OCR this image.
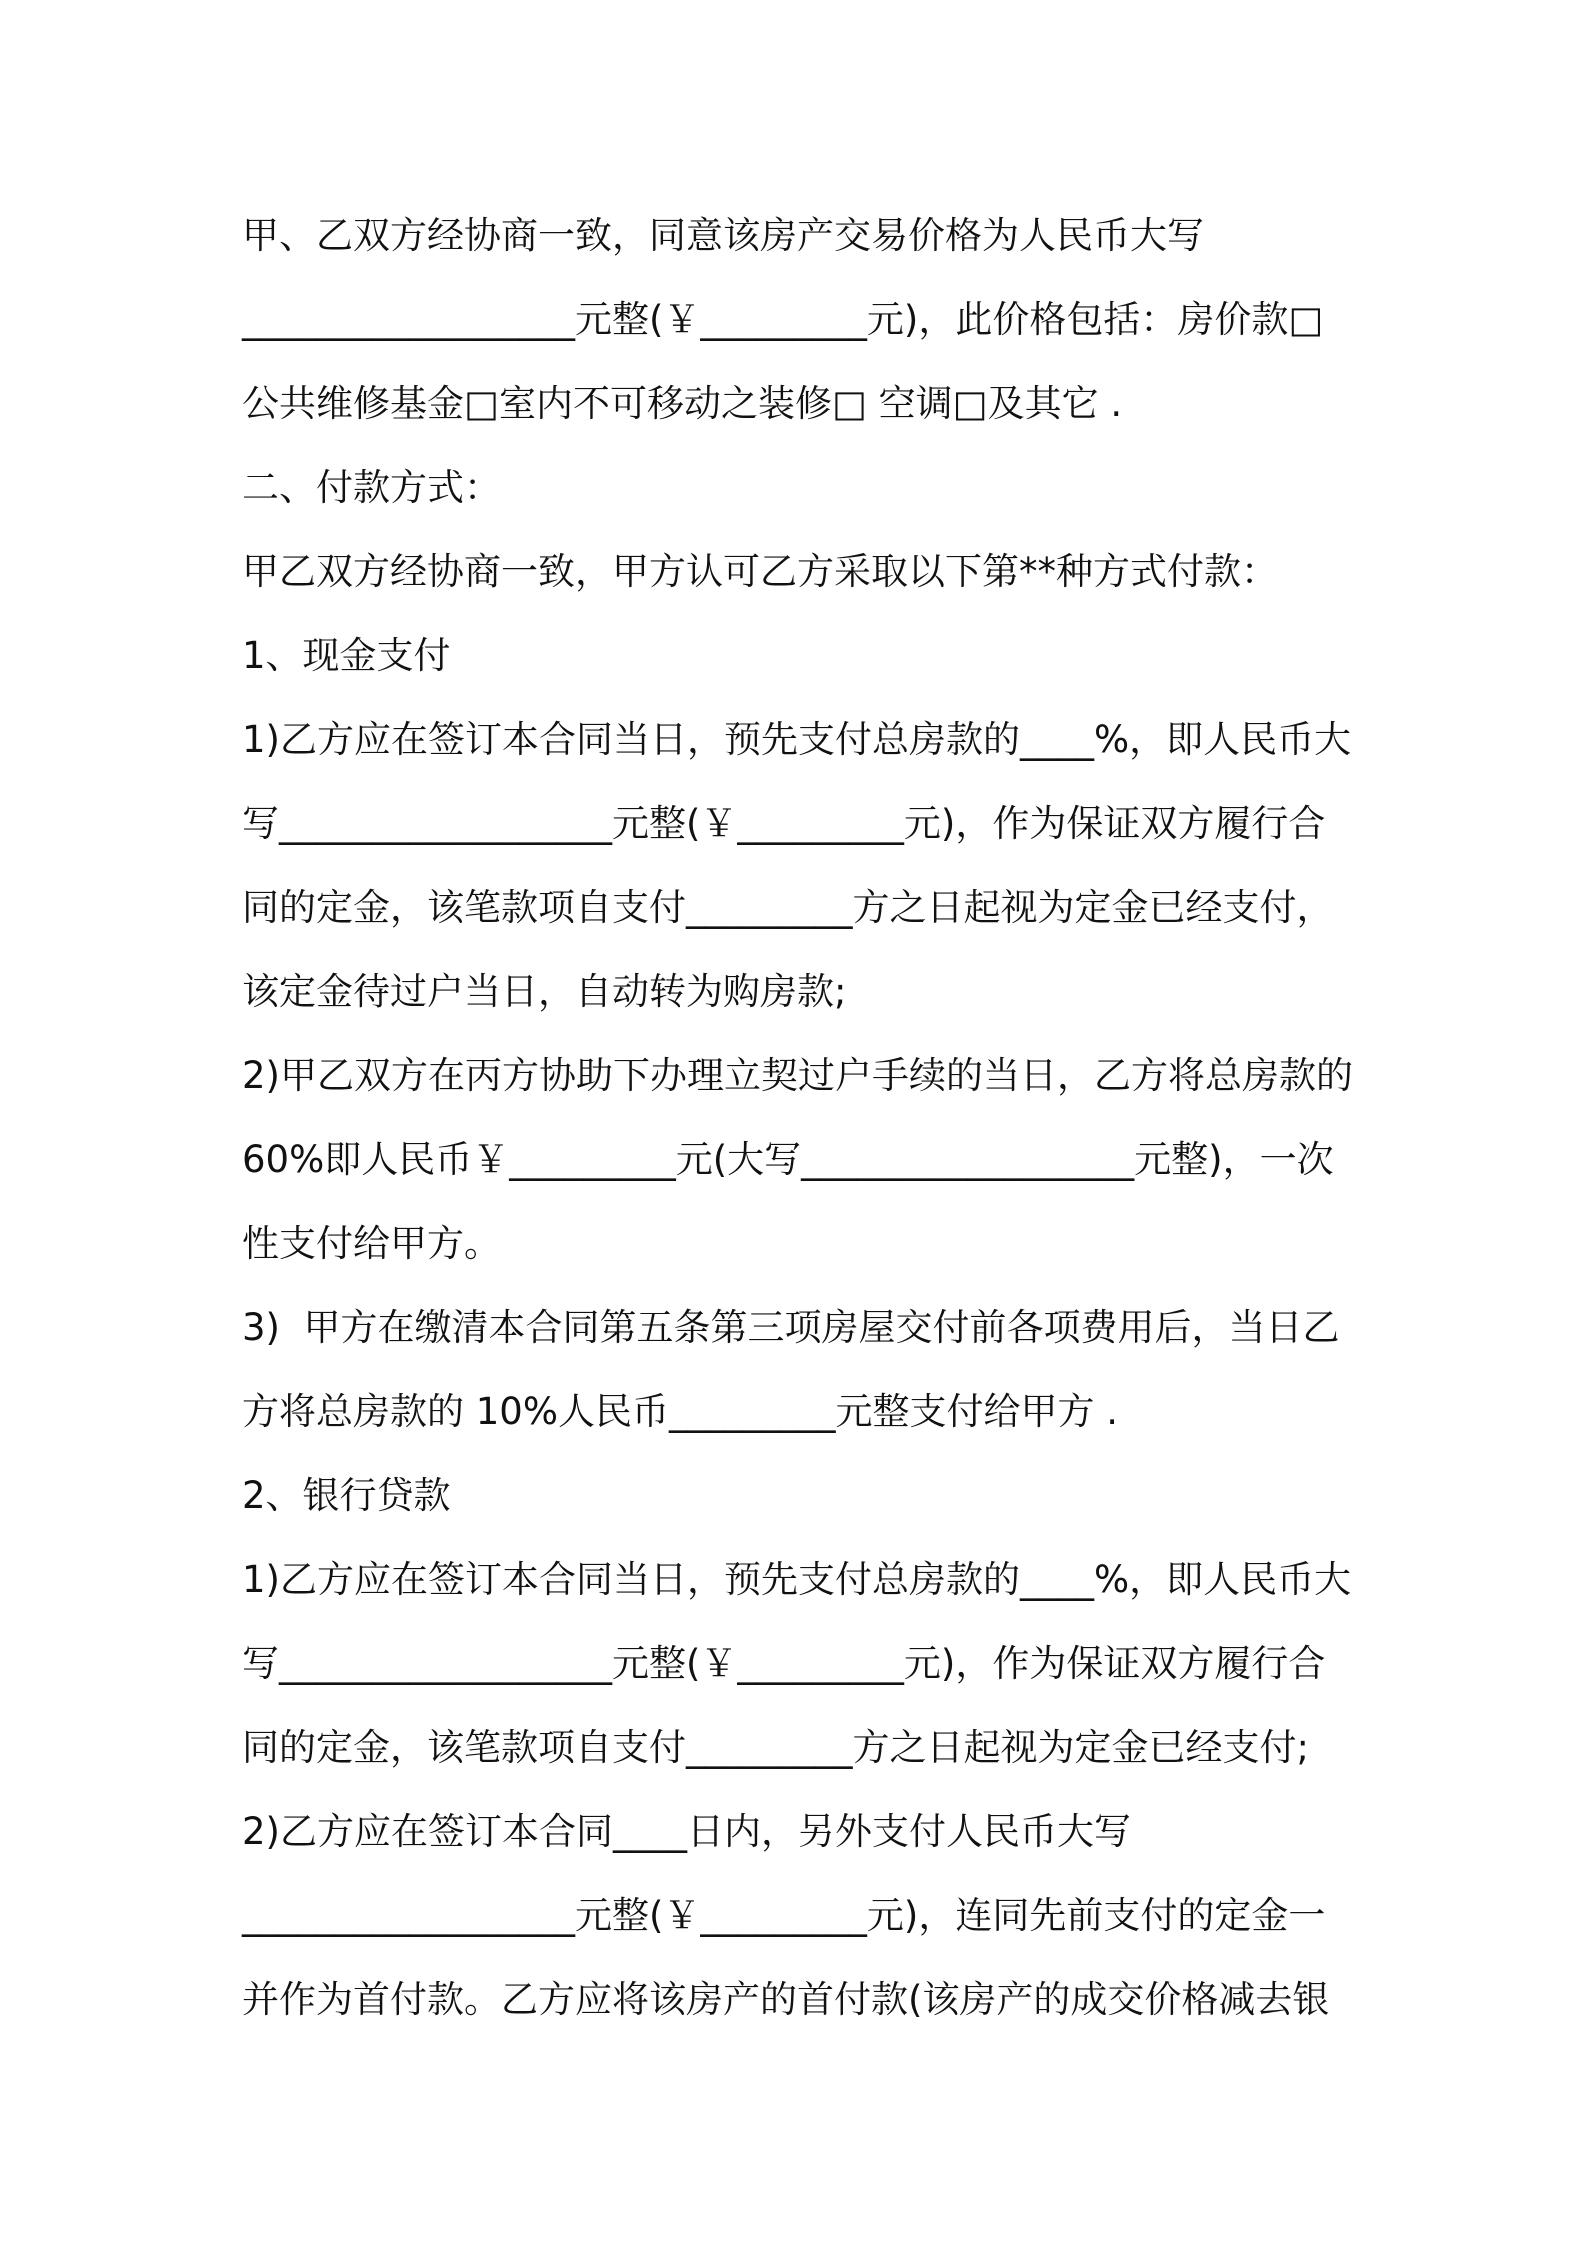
甲、乙双方经协商一致，同意该房产交易价格为人民币大写
__________________元整(￥_________元)，此价格包括：房价款□
公共维修基金□室内不可移动之装修□ 空调□及其它 .
二、付款方式：
甲乙双方经协商一致，甲方认可乙方采取以下第**种方式付款：
1、现金支付
1)乙方应在签订本合同当日，预先支付总房款的____%，即人民币大
写__________________元整(￥_________元)，作为保证双方履行合
同的定金，该笔款项自支付_________方之日起视为定金已经支付，
该定金待过户当日，自动转为购房款;
2)甲乙双方在丙方协助下办理立契过户手续的当日，乙方将总房款的
60%即人民币￥_________元(大写__________________元整)，一次
性支付给甲方。
3)  甲方在缴清本合同第五条第三项房屋交付前各项费用后，当日乙
方将总房款的 10%人民币_________元整支付给甲方 .
2、银行贷款
1)乙方应在签订本合同当日，预先支付总房款的____%，即人民币大
写__________________元整(￥_________元)，作为保证双方履行合
同的定金，该笔款项自支付_________方之日起视为定金已经支付;
2)乙方应在签订本合同____日内，另外支付人民币大写
__________________元整(￥_________元)，连同先前支付的定金一
并作为首付款。乙方应将该房产的首付款(该房产的成交价格减去银
